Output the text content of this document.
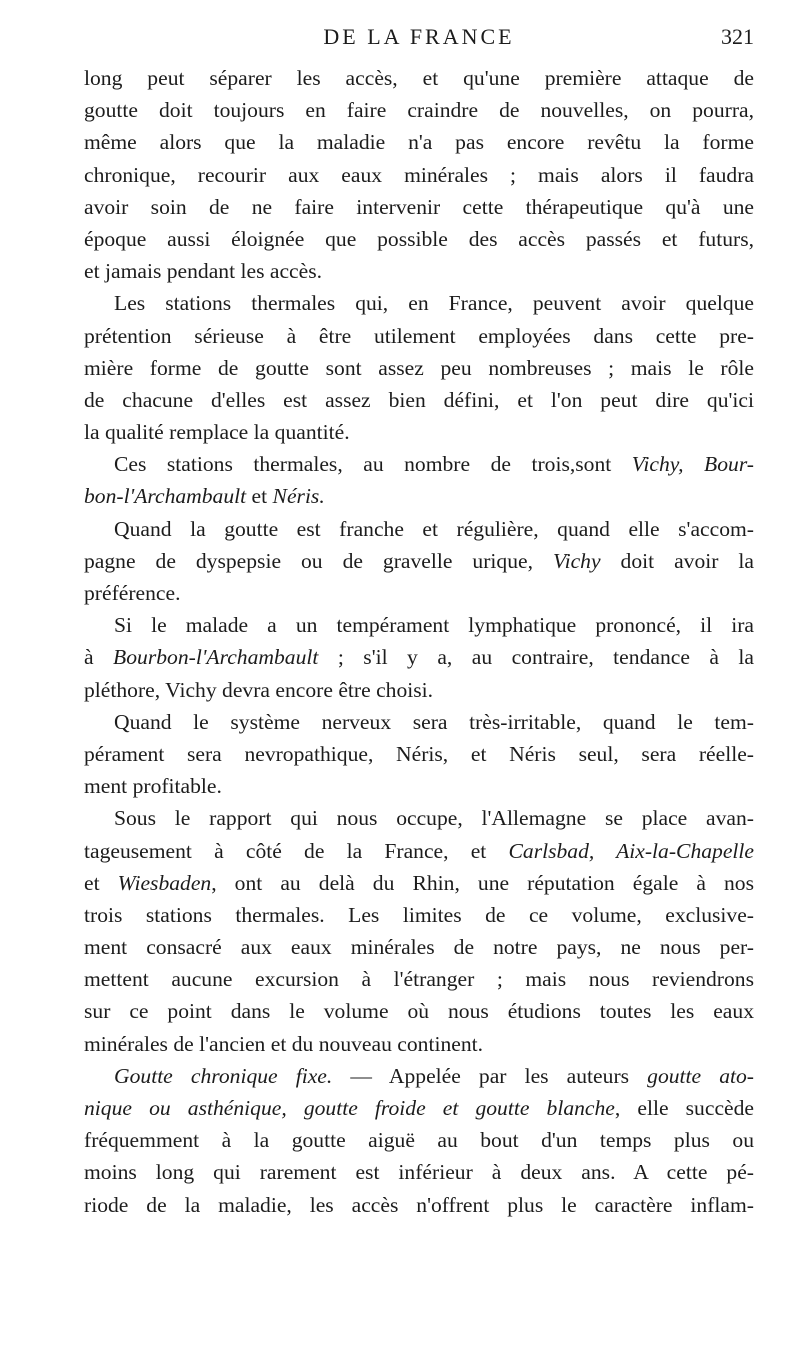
DE LA FRANCE	321
long peut séparer les accès, et qu'une première attaque de
goutte doit toujours en faire craindre de nouvelles, on pourra,
même alors que la maladie n'a pas encore revêtu la forme
chronique, recourir aux eaux minérales ; mais alors il faudra
avoir soin de ne faire intervenir cette thérapeutique qu'à une
époque aussi éloignée que possible des accès passés et futurs,
et jamais pendant les accès.
Les stations thermales qui, en France, peuvent avoir quelque
prétention sérieuse à être utilement employées dans cette pre-
mière forme de goutte sont assez peu nombreuses ; mais le rôle
de chacune d'elles est assez bien défini, et l'on peut dire qu'ici
la qualité remplace la quantité.
Ces stations thermales, au nombre de trois,sont Vichy, Bour-
bon-l'Archambault et Néris.
Quand la goutte est franche et régulière, quand elle s'accom-
pagne de dyspepsie ou de gravelle urique, Vichy doit avoir la
préférence.
Si le malade a un tempérament lymphatique prononcé, il ira
à Bourbon-l'Archambault ; s'il y a, au contraire, tendance à la
pléthore, Vichy devra encore être choisi.
Quand le système nerveux sera très-irritable, quand le tem-
pérament sera nevropathique, Néris, et Néris seul, sera réelle-
ment profitable.
Sous le rapport qui nous occupe, l'Allemagne se place avan-
tageusement à côté de la France, et Carlsbad, Aix-la-Chapelle
et Wiesbaden, ont au delà du Rhin, une réputation égale à nos
trois stations thermales. Les limites de ce volume, exclusive-
ment consacré aux eaux minérales de notre pays, ne nous per-
mettent aucune excursion à l'étranger ; mais nous reviendrons
sur ce point dans le volume où nous étudions toutes les eaux
minérales de l'ancien et du nouveau continent.
Goutte chronique fixe. — Appelée par les auteurs goutte ato-
nique ou asthénique, goutte froide et goutte blanche, elle succède
fréquemment à la goutte aiguë au bout d'un temps plus ou
moins long qui rarement est inférieur à deux ans. A cette pé-
riode de la maladie, les accès n'offrent plus le caractère inflam-
